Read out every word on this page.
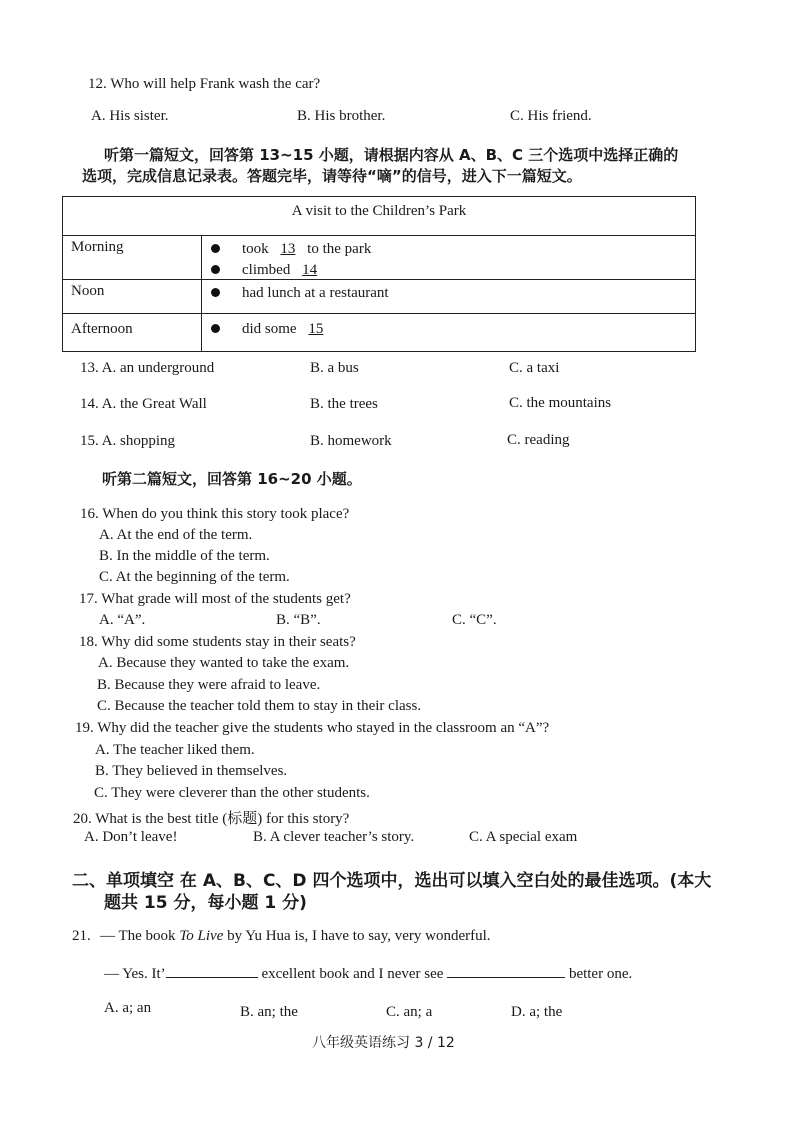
12. Who will help Frank wash the car?
A. His sister.	B. His brother.	C. His friend.
听第一篇短文，回答第 13~15 小题，请根据内容从 A、B、C 三个选项中选择正确的
选项，完成信息记录表。答题完毕，请等待“嘀”的信号，进入下一篇短文。
A visit to the Children’s Park
Morning	took 13 to the park
climbed 14
Noon	had lunch at a restaurant
Afternoon	did some 15
13. A. an underground	B. a bus	C. a taxi
14. A. the Great Wall	B. the trees	C. the mountains
15. A. shopping	B. homework	C. reading
听第二篇短文，回答第 16~20 小题。
16. When do you think this story took place?
A. At the end of the term.
B. In the middle of the term.
C. At the beginning of the term.
17. What grade will most of the students get?
A. “A”.	B. “B”.	C. “C”.
18. Why did some students stay in their seats?
A. Because they wanted to take the exam.
B. Because they were afraid to leave.
C. Because the teacher told them to stay in their class.
19. Why did the teacher give the students who stayed in the classroom an “A”?
A. The teacher liked them.
B. They believed in themselves.
C. They were cleverer than the other students.
20. What is the best title (标题) for this story?
A. Don’t leave!	B. A clever teacher’s story.	C. A special exam
二、单项填空 在 A、B、C、D 四个选项中，选出可以填入空白处的最佳选项。(本大
题共 15 分，每小题 1 分)
21. — The book To Live by Yu Hua is, I have to say, very wonderful.
— Yes. It’	excellent book and I never see	better one.
A. a; an	B. an; the	C. an; a	D. a; the
八年级英语练习 3 / 12
